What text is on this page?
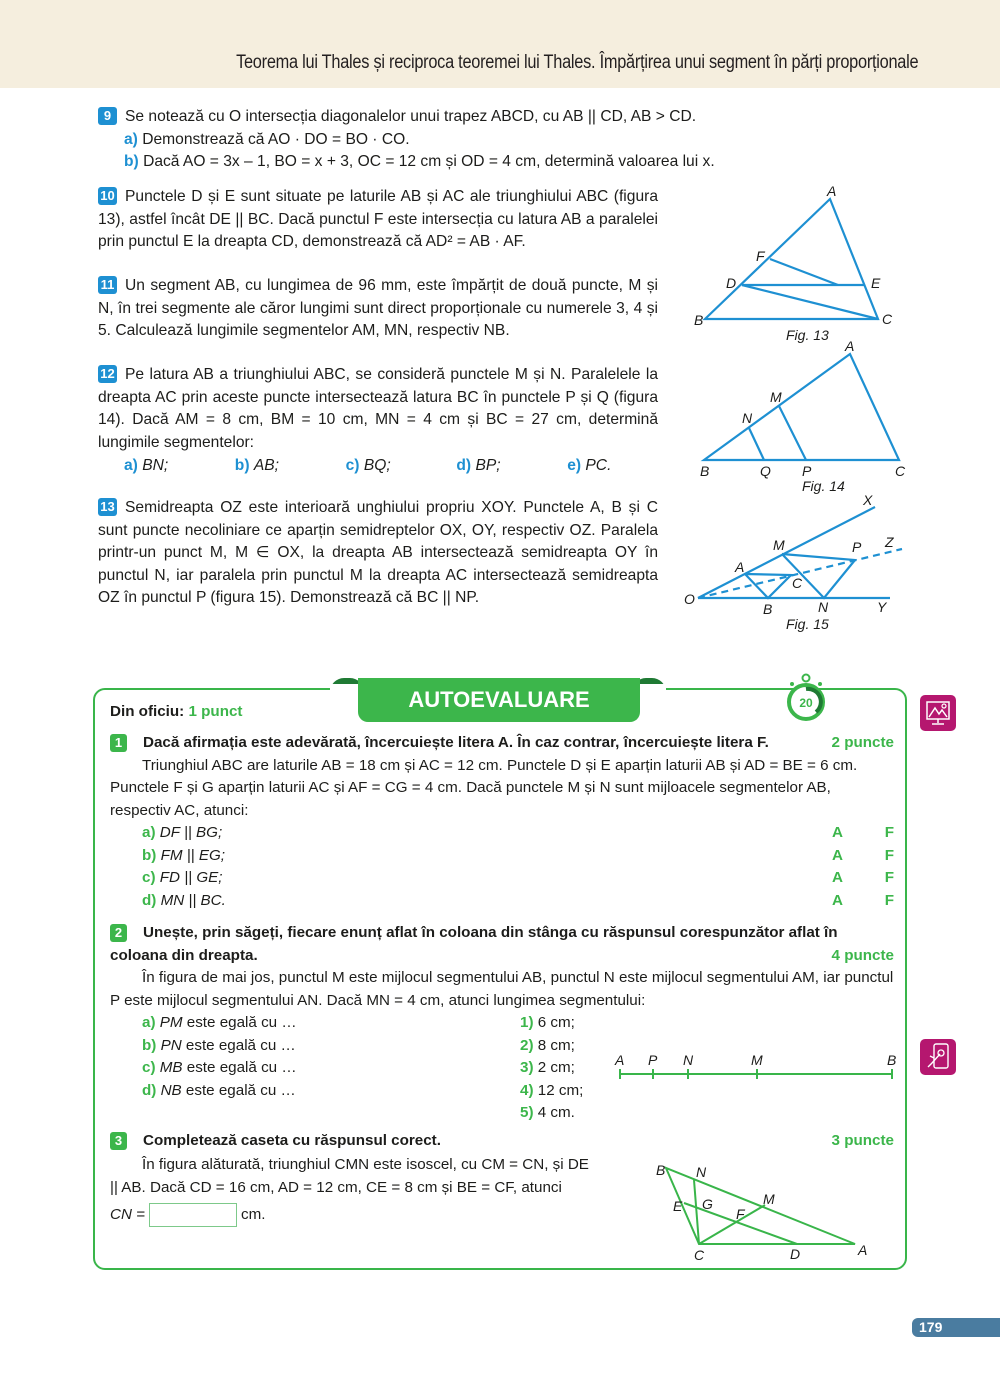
Teorema lui Thales și reciproca teoremei lui Thales. Împărțirea unui segment în părți proporționale
9 Se notează cu O intersecția diagonalelor unui trapez ABCD, cu AB || CD, AB > CD.
a) Demonstrează că AO · DO = BO · CO.
b) Dacă AO = 3x – 1, BO = x + 3, OC = 12 cm și OD = 4 cm, determină valoarea lui x.
10 Punctele D și E sunt situate pe laturile AB și AC ale triunghiului ABC (figura 13), astfel încât DE || BC. Dacă punctul F este intersecția cu latura AB a paralelei prin punctul E la dreapta CD, demonstrează că AD² = AB · AF.
11 Un segment AB, cu lungimea de 96 mm, este împărțit de două puncte, M și N, în trei segmente ale căror lungimi sunt direct proporționale cu numerele 3, 4 și 5. Calculează lungimile segmentelor AM, MN, respectiv NB.
12 Pe latura AB a triunghiului ABC, se consideră punctele M și N. Paralelele la dreapta AC prin aceste puncte intersectează latura BC în punctele P și Q (figura 14). Dacă AM = 8 cm, BM = 10 cm, MN = 4 cm și BC = 27 cm, determină lungimile segmentelor:
a) BN;	b) AB;	c) BQ;	d) BP;	e) PC.
13 Semidreapta OZ este interioară unghiului propriu XOY. Punctele A, B și C sunt puncte necoliniare ce aparțin semidreptelor OX, OY, respectiv OZ. Paralela printr-un punct M, M ∈ OX, la dreapta AB intersectează semidreapta OY în punctul N, iar paralela prin punctul M la dreapta AC intersectează semidreapta OZ în punctul P (figura 15). Demonstrează că BC || NP.
A
F
D	E
B	C
Fig. 13
A
M
N
B	Q P	C
Fig. 14
X
M	P Z
A
C
O
B	N	Y
Fig. 15
AUTOEVALUARE	20
Din oficiu: 1 punct
1 Dacă afirmația este adevărată, încercuiește litera A. În caz contrar, încercuiește litera F.	2 puncte
Triunghiul ABC are laturile AB = 18 cm și AC = 12 cm. Punctele D și E aparțin laturii AB și AD = BE = 6 cm. Punctele F și G aparțin laturii AC și AF = CG = 4 cm. Dacă punctele M și N sunt mijloacele segmentelor AB, respectiv AC, atunci:
a) DF || BG;	A	F
b) FM || EG;	A	F
c) FD || GE;	A	F
d) MN || BC.	A	F
2 Unește, prin săgeți, fiecare enunț aflat în coloana din stânga cu răspunsul corespunzător aflat în coloana din dreapta.	4 puncte
În figura de mai jos, punctul M este mijlocul segmentului AB, punctul N este mijlocul segmentului AM, iar punctul P este mijlocul segmentului AN. Dacă MN = 4 cm, atunci lungimea segmentului:
a) PM este egală cu …
b) PN este egală cu …
c) MB este egală cu …
d) NB este egală cu …
1) 6 cm;
2) 8 cm;
3) 2 cm;
4) 12 cm;
5) 4 cm.
A P N	M	B
3 Completează caseta cu răspunsul corect.	3 puncte
În figura alăturată, triunghiul CMN este isoscel, cu CM = CN, și DE || AB. Dacă CD = 16 cm, AD = 12 cm, CE = 8 cm și BE = CF, atunci
CN =	cm.
B N
M
E G
F
C	D	A
179
